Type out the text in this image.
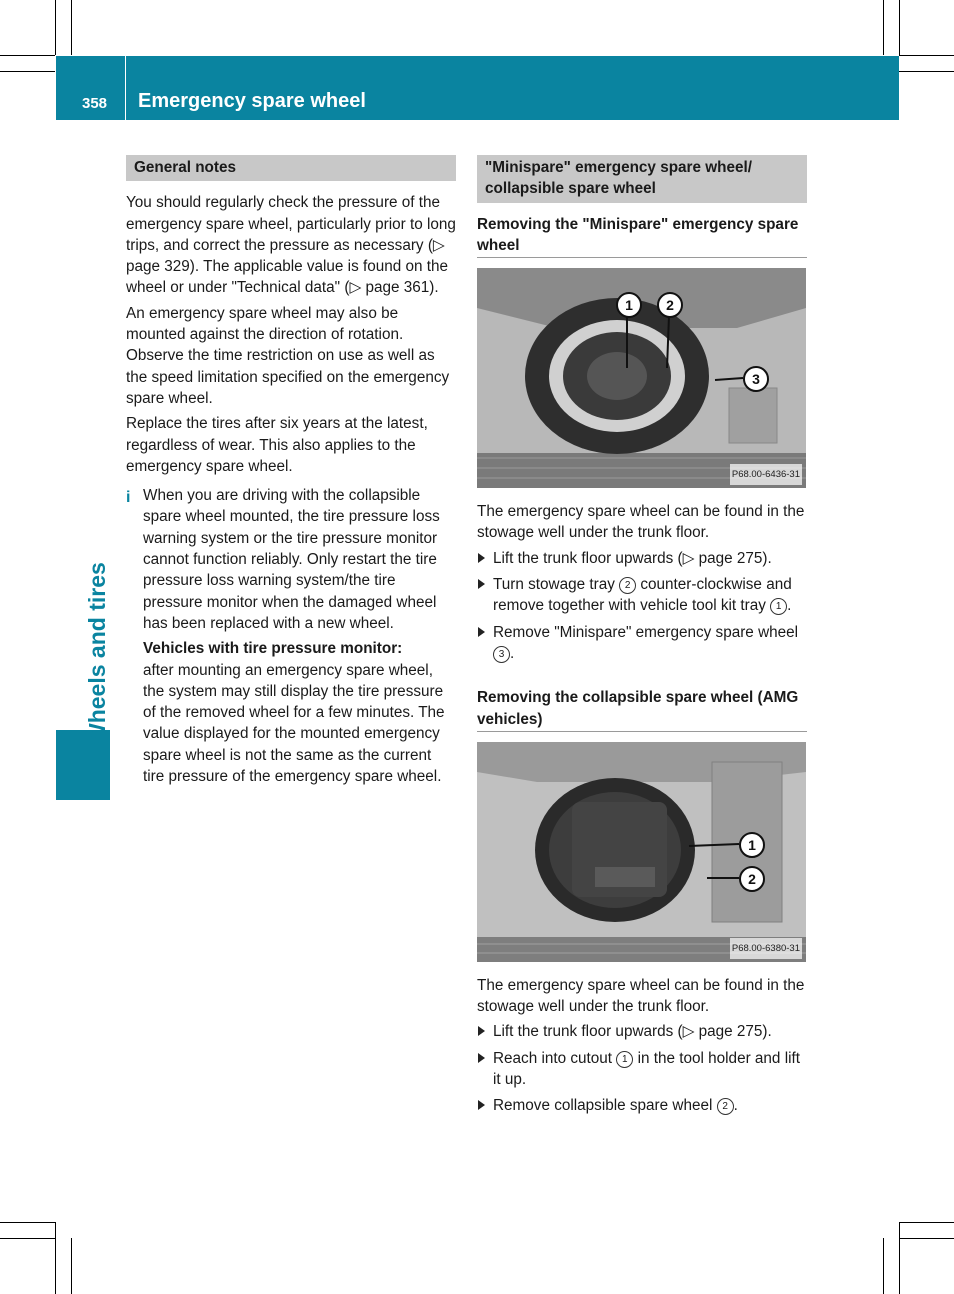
358 Emergency spare wheel
Wheels and tires
General notes

You should regularly check the pressure of the emergency spare wheel, particularly prior to long trips, and correct the pressure as necessary (▷ page 329). The applicable value is found on the wheel or under "Technical data" (▷ page 361).

An emergency spare wheel may also be mounted against the direction of rotation. Observe the time restriction on use as well as the speed limitation specified on the emergency spare wheel.

Replace the tires after six years at the latest, regardless of wear. This also applies to the emergency spare wheel.

i When you are driving with the collapsible spare wheel mounted, the tire pressure loss warning system or the tire pressure monitor cannot function reliably. Only restart the tire pressure loss warning system/the tire pressure monitor when the damaged wheel has been replaced with a new wheel.
Vehicles with tire pressure monitor:
after mounting an emergency spare wheel, the system may still display the tire pressure of the removed wheel for a few minutes. The value displayed for the mounted emergency spare wheel is not the same as the current tire pressure of the emergency spare wheel.
"Minispare" emergency spare wheel/ collapsible spare wheel
Removing the "Minispare" emergency spare wheel
1	2
3
P68.00-6436-31

The emergency spare wheel can be found in the stowage well under the trunk floor.

Lift the trunk floor upwards (▷ page 275).
Turn stowage tray 2 counter-clockwise and remove together with vehicle tool kit tray 1 .
Remove "Minispare" emergency spare wheel 3 .
Removing the collapsible spare wheel (AMG vehicles)
1
2
P68.00-6380-31

The emergency spare wheel can be found in the stowage well under the trunk floor.

Lift the trunk floor upwards (▷ page 275).
Reach into cutout 1 in the tool holder and lift it up.
Remove collapsible spare wheel 2 .
